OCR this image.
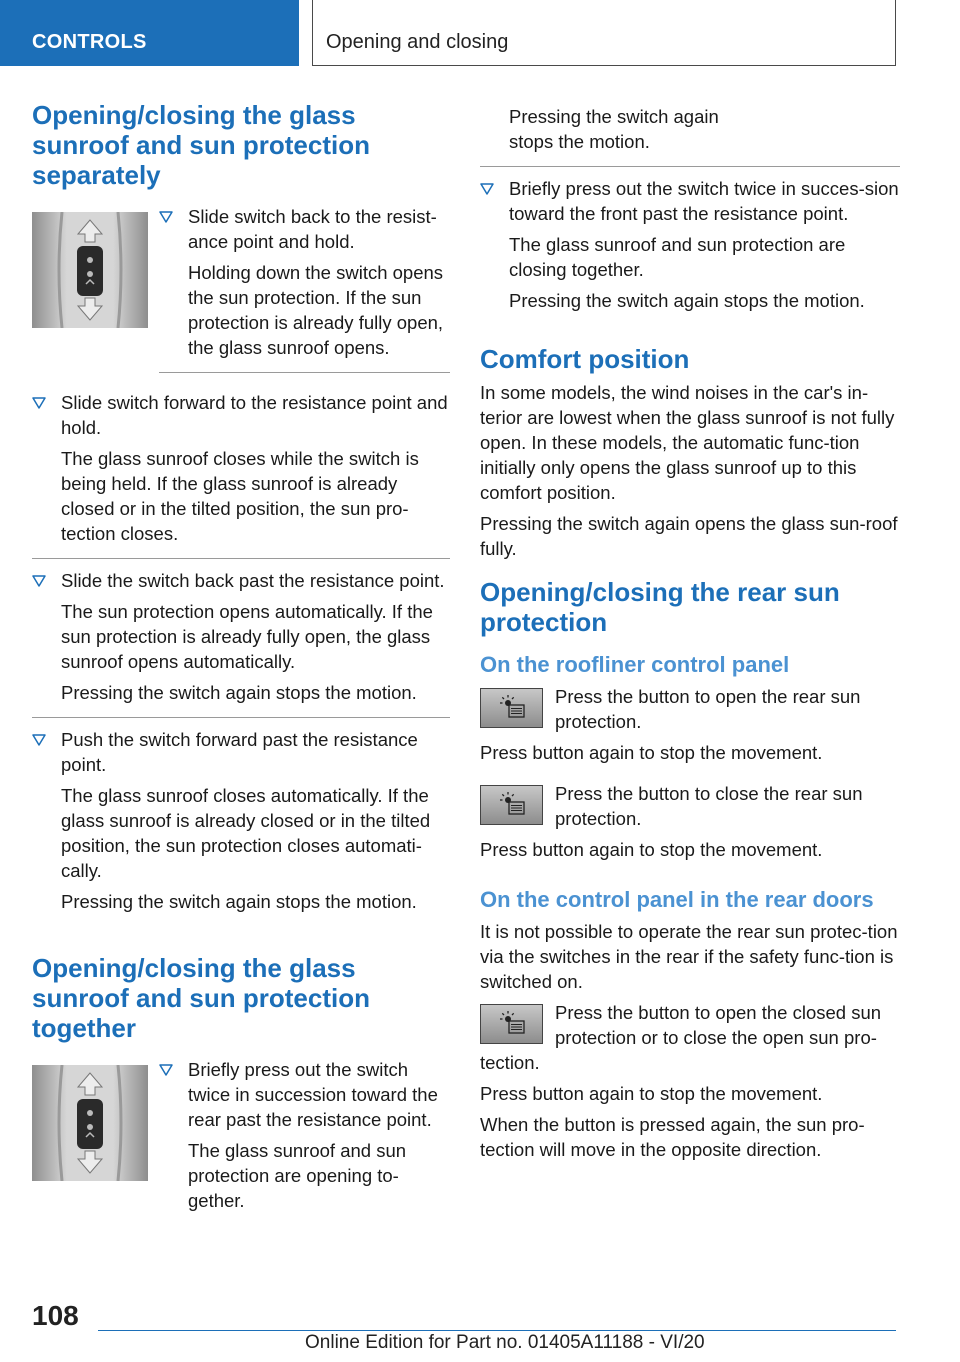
CONTROLS	Opening and closing
Opening/closing the glass sunroof and sun protection separately

Slide switch back to the resist-ance point and hold.

Holding down the switch opens the sun protection. If the sun protection is already fully open, the glass sunroof opens.

Slide switch forward to the resistance point and hold.

The glass sunroof closes while the switch is being held. If the glass sunroof is already closed or in the tilted position, the sun pro-tection closes.

Slide the switch back past the resistance point.

The sun protection opens automatically. If the sun protection is already fully open, the glass sunroof opens automatically.

Pressing the switch again stops the motion.

Push the switch forward past the resistance point.

The glass sunroof closes automatically. If the glass sunroof is already closed or in the tilted position, the sun protection closes automati-cally.

Pressing the switch again stops the motion.

Opening/closing the glass sunroof and sun protection together

Briefly press out the switch twice in succession toward the rear past the resistance point.

The glass sunroof and sun protection are opening to-gether.

Pressing the switch again stops the motion.

Briefly press out the switch twice in succes-sion toward the front past the resistance point.

The glass sunroof and sun protection are closing together.

Pressing the switch again stops the motion.

Comfort position

In some models, the wind noises in the car's in-terior are lowest when the glass sunroof is not fully open. In these models, the automatic func-tion initially only opens the glass sunroof up to this comfort position.

Pressing the switch again opens the glass sun-roof fully.

Opening/closing the rear sun protection
On the roofliner control panel

Press the button to open the rear sun protection.

Press button again to stop the movement.

Press the button to close the rear sun protection.

Press button again to stop the movement.

On the control panel in the rear doors

It is not possible to operate the rear sun protec-tion via the switches in the rear if the safety func-tion is switched on.

Press the button to open the closed sun protection or to close the open sun pro-tection.

Press button again to stop the movement.

When the button is pressed again, the sun pro-tection will move in the opposite direction.

108
Online Edition for Part no. 01405A11188 - VI/20
